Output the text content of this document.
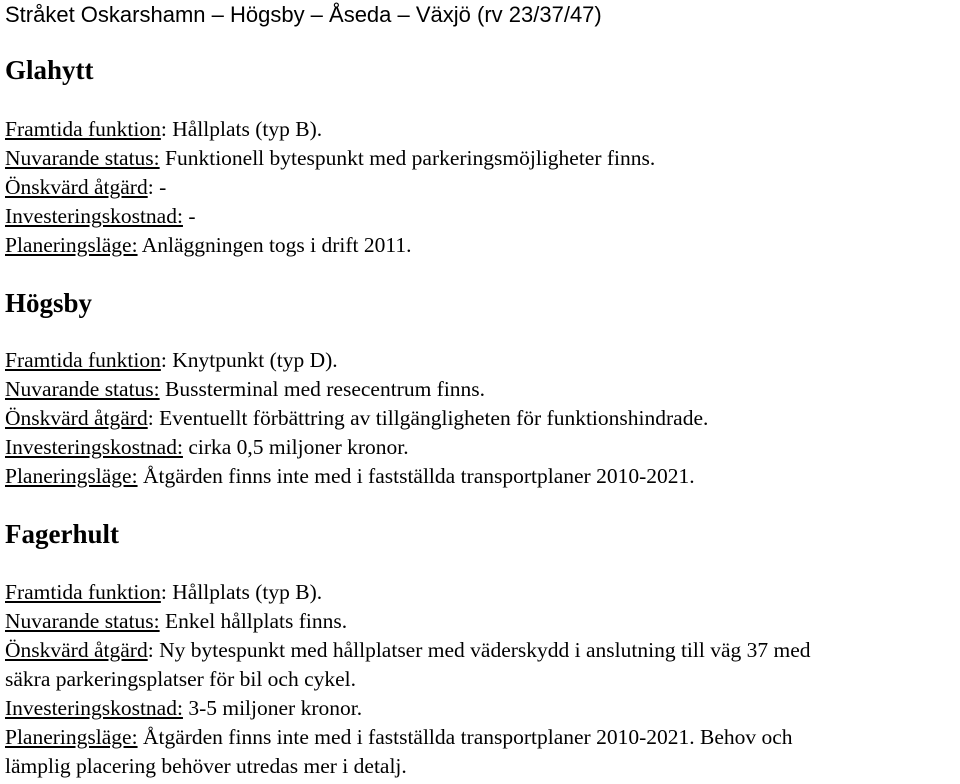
Stråket Oskarshamn – Högsby – Åseda – Växjö (rv 23/37/47)
Glahytt
Framtida funktion: Hållplats (typ B).
Nuvarande status: Funktionell bytespunkt med parkeringsmöjligheter finns.
Önskvärd åtgärd: -
Investeringskostnad: -
Planeringsläge: Anläggningen togs i drift 2011.
Högsby
Framtida funktion: Knytpunkt (typ D).
Nuvarande status: Bussterminal med resecentrum finns.
Önskvärd åtgärd: Eventuellt förbättring av tillgängligheten för funktionshindrade.
Investeringskostnad: cirka 0,5 miljoner kronor.
Planeringsläge: Åtgärden finns inte med i fastställda transportplaner 2010-2021.
Fagerhult
Framtida funktion: Hållplats (typ B).
Nuvarande status: Enkel hållplats finns.
Önskvärd åtgärd: Ny bytespunkt med hållplatser med väderskydd i anslutning till väg 37 med
säkra parkeringsplatser för bil och cykel.
Investeringskostnad: 3-5 miljoner kronor.
Planeringsläge: Åtgärden finns inte med i fastställda transportplaner 2010-2021. Behov och
lämplig placering behöver utredas mer i detalj.
